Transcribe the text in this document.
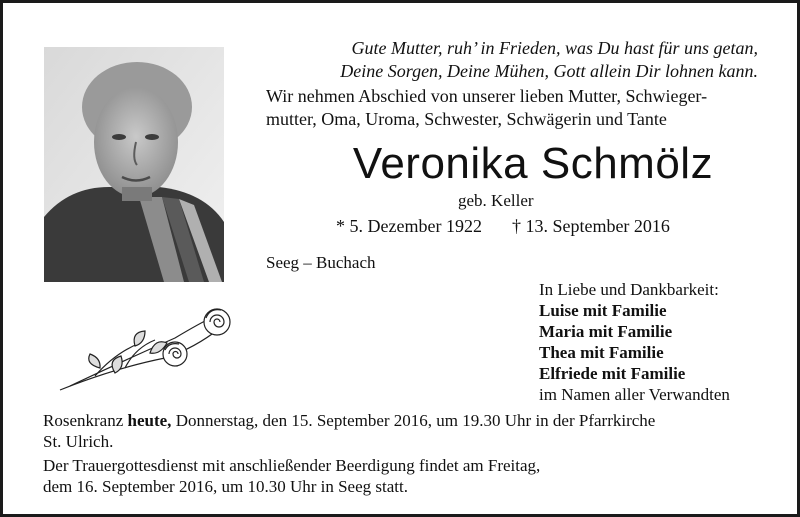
Gute Mutter, ruh’ in Frieden, was Du hast für uns getan,
Deine Sorgen, Deine Mühen, Gott allein Dir lohnen kann.
Wir nehmen Abschied von unserer lieben Mutter, Schwieger-
mutter, Oma, Uroma, Schwester, Schwägerin und Tante
Veronika Schmölz
geb. Keller
* 5. Dezember 1922 † 13. September 2016
Seeg – Buchach
In Liebe und Dankbarkeit:
Luise mit Familie
Maria mit Familie
Thea mit Familie
Elfriede mit Familie
im Namen aller Verwandten
Rosenkranz heute, Donnerstag, den 15. September 2016, um 19.30 Uhr in der Pfarrkirche
St. Ulrich.
Der Trauergottesdienst mit anschließender Beerdigung findet am Freitag,
dem 16. September 2016, um 10.30 Uhr in Seeg statt.
